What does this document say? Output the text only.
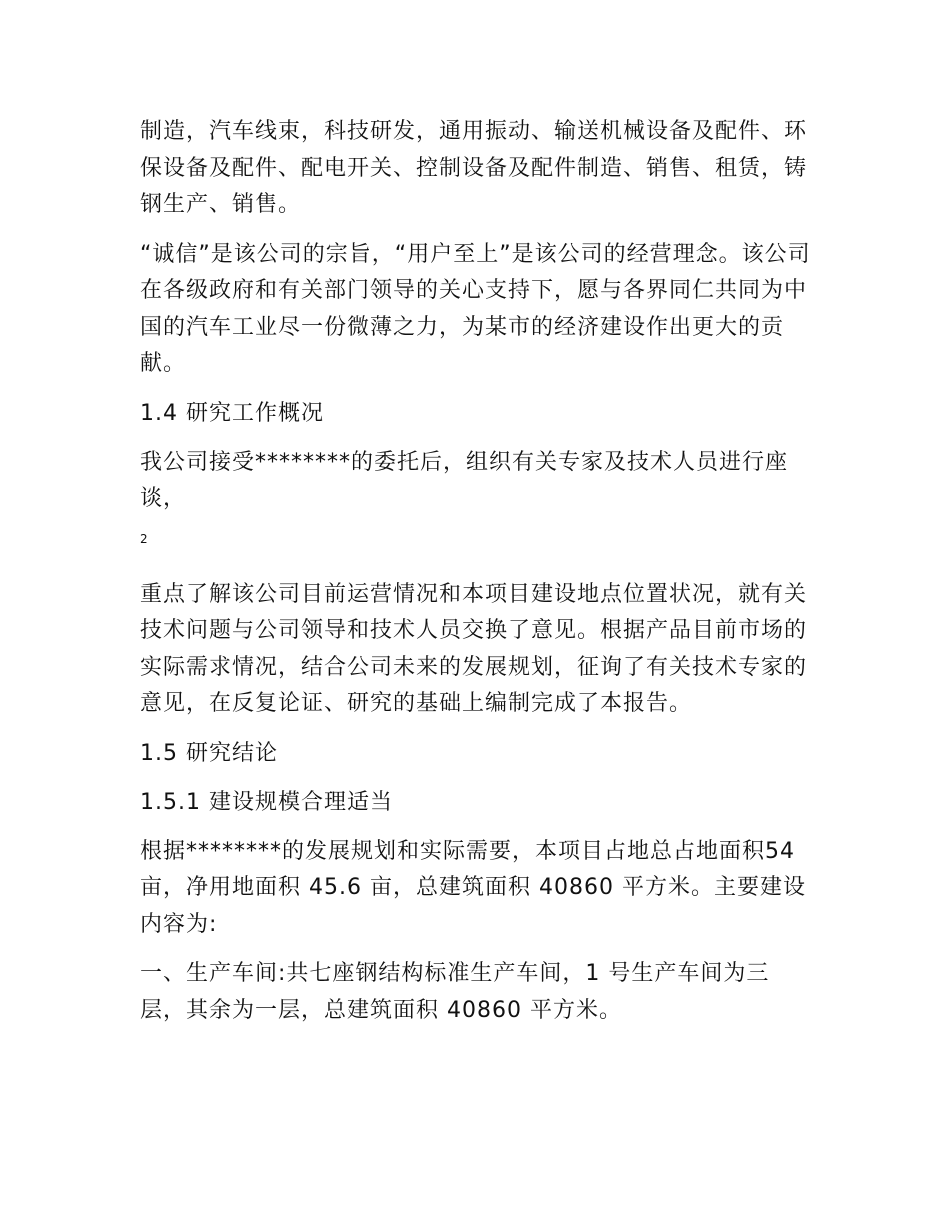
制造，汽车线束，科技研发，通用振动、输送机械设备及配件、环保设备及配件、配电开关、控制设备及配件制造、销售、租赁，铸钢生产、销售。

“诚信”是该公司的宗旨，“用户至上”是该公司的经营理念。该公司在各级政府和有关部门领导的关心支持下，愿与各界同仁共同为中国的汽车工业尽一份微薄之力，为某市的经济建设作出更大的贡献。

1.4 研究工作概况

我公司接受********的委托后，组织有关专家及技术人员进行座谈，

2

重点了解该公司目前运营情况和本项目建设地点位置状况，就有关技术问题与公司领导和技术人员交换了意见。根据产品目前市场的实际需求情况，结合公司未来的发展规划，征询了有关技术专家的意见，在反复论证、研究的基础上编制完成了本报告。

1.5 研究结论

1.5.1 建设规模合理适当

根据********的发展规划和实际需要，本项目占地总占地面积54 亩，净用地面积 45.6 亩，总建筑面积 40860 平方米。主要建设内容为:

一、生产车间:共七座钢结构标准生产车间，1 号生产车间为三层，其余为一层，总建筑面积 40860 平方米。
